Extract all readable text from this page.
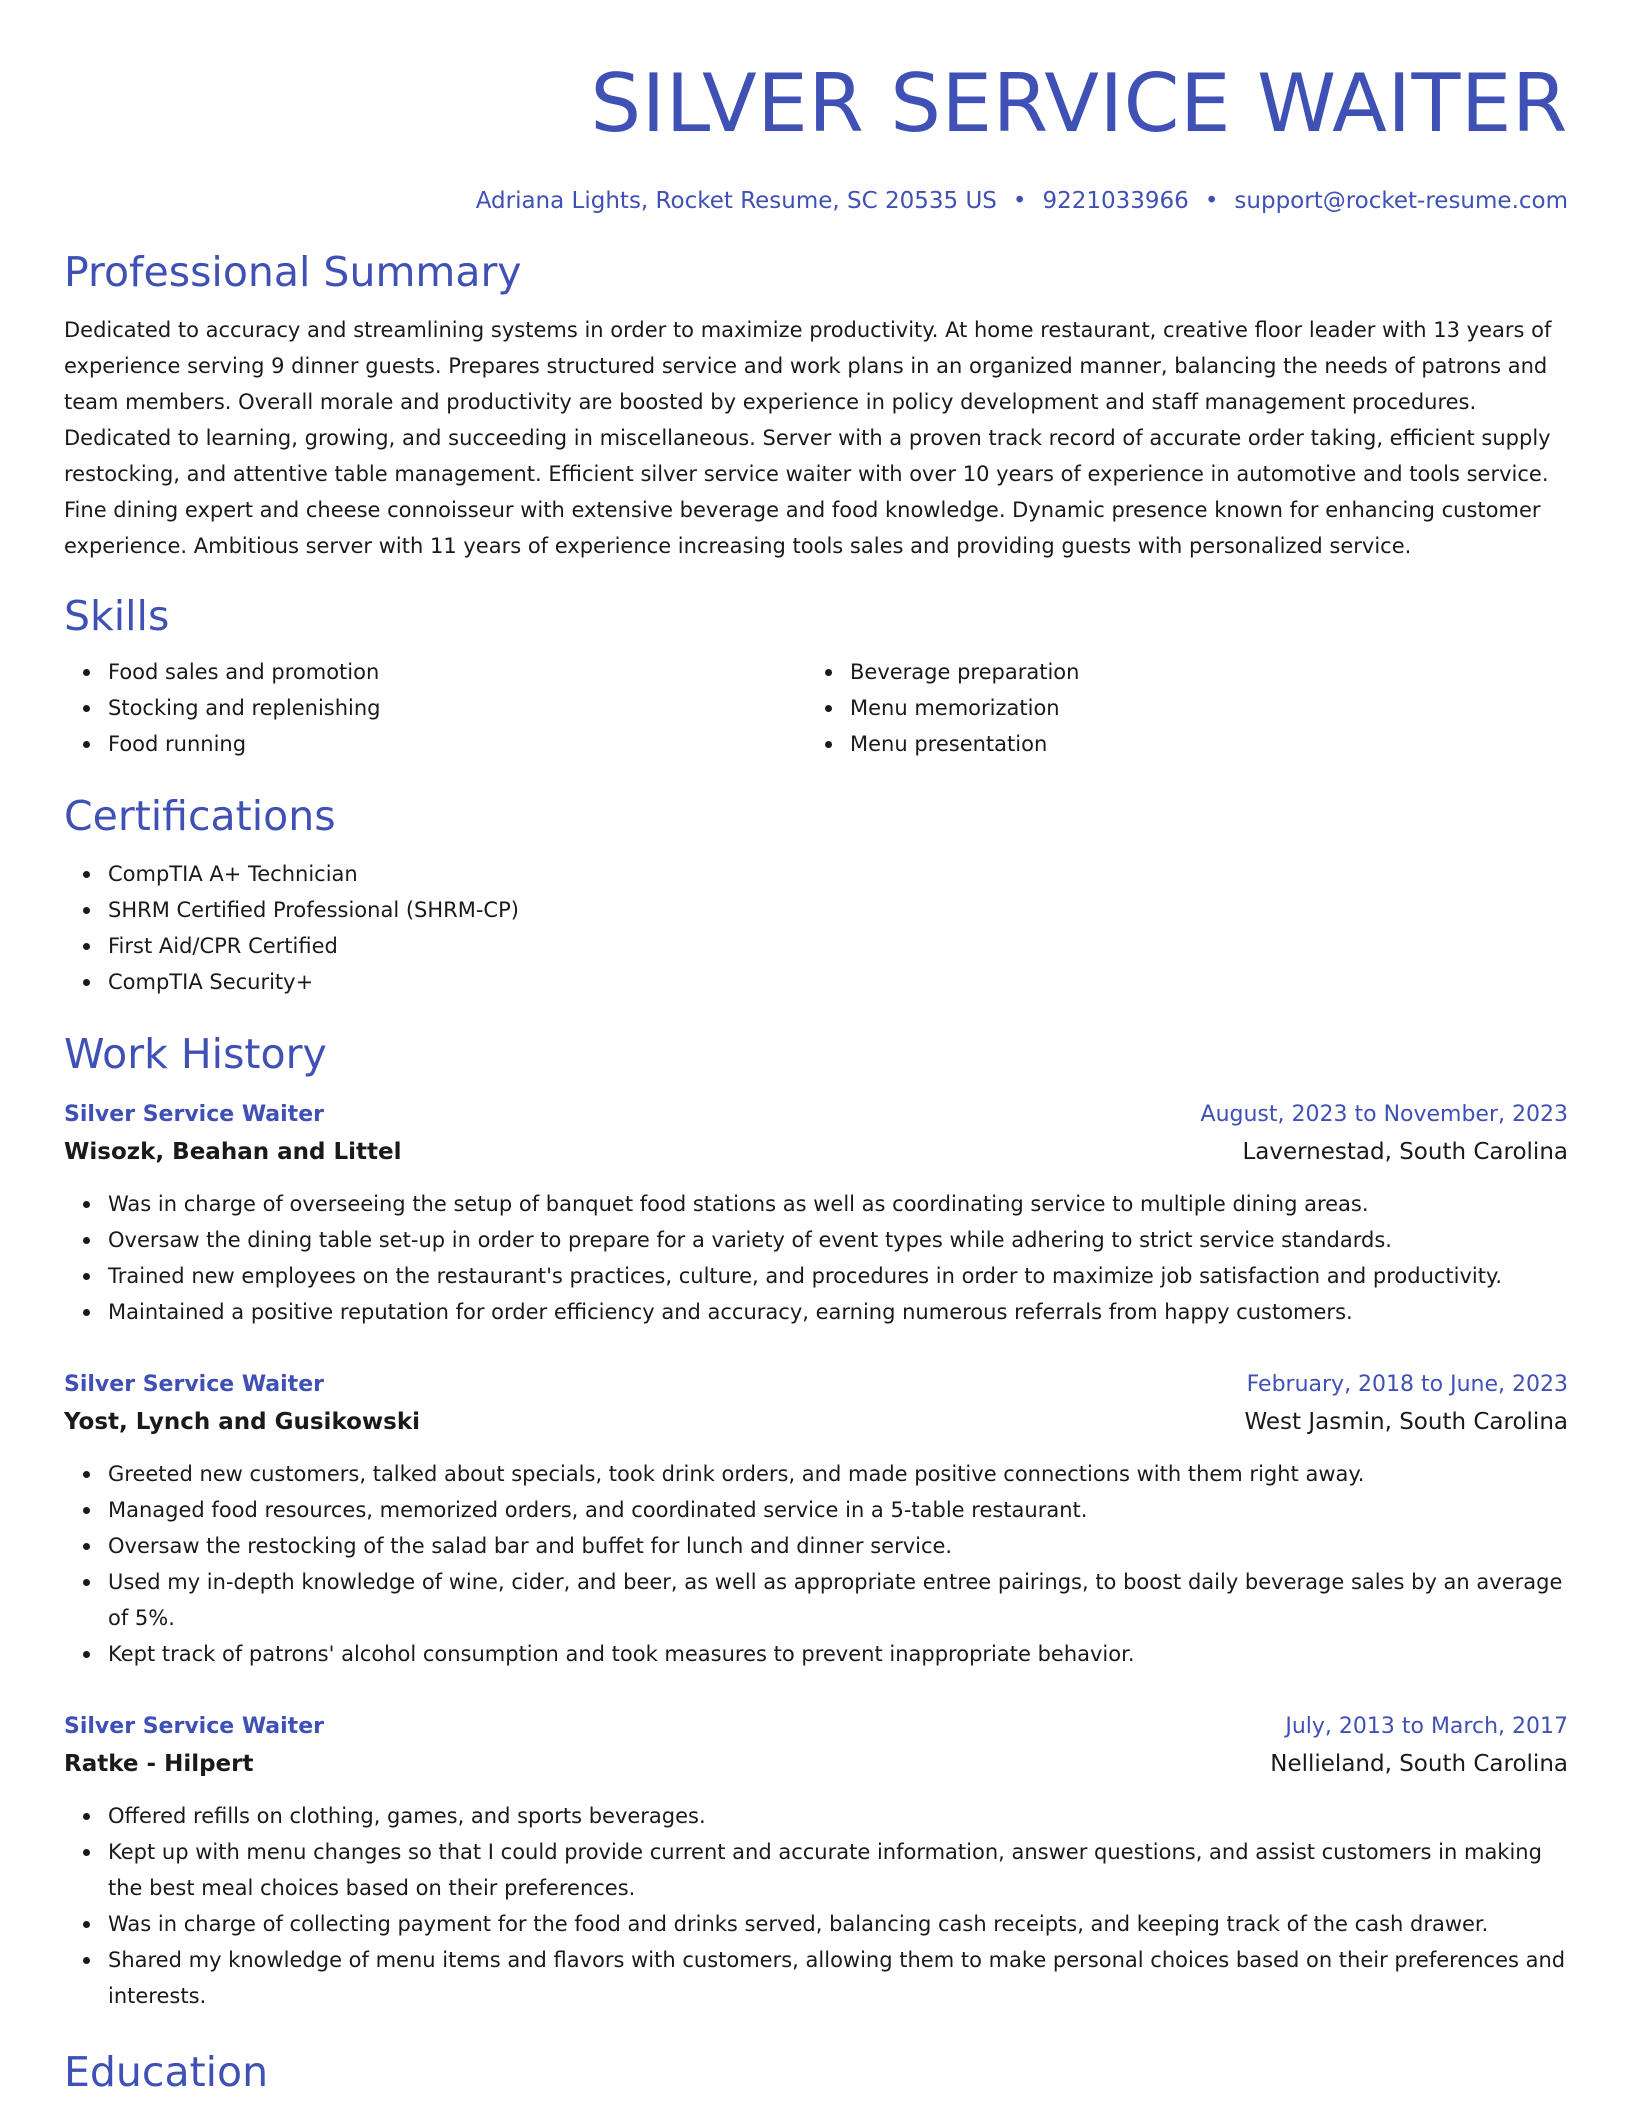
SILVER SERVICE WAITER
Adriana Lights, Rocket Resume, SC 20535 US • 9221033966 • support@rocket-resume.com
Professional Summary

Dedicated to accuracy and streamlining systems in order to maximize productivity. At home restaurant, creative floor leader with 13 years of experience serving 9 dinner guests. Prepares structured service and work plans in an organized manner, balancing the needs of patrons and team members. Overall morale and productivity are boosted by experience in policy development and staff management procedures. Dedicated to learning, growing, and succeeding in miscellaneous. Server with a proven track record of accurate order taking, efficient supply restocking, and attentive table management. Efficient silver service waiter with over 10 years of experience in automotive and tools service. Fine dining expert and cheese connoisseur with extensive beverage and food knowledge. Dynamic presence known for enhancing customer experience. Ambitious server with 11 years of experience increasing tools sales and providing guests with personalized service.

Skills
Food sales and promotion
Stocking and replenishing
Food running
Beverage preparation
Menu memorization
Menu presentation
Certifications
CompTIA A+ Technician
SHRM Certified Professional (SHRM-CP)
First Aid/CPR Certified
CompTIA Security+
Work History
Silver Service Waiter	August, 2023 to November, 2023
Wisozk, Beahan and Littel	Lavernestad, South Carolina
Was in charge of overseeing the setup of banquet food stations as well as coordinating service to multiple dining areas.
Oversaw the dining table set-up in order to prepare for a variety of event types while adhering to strict service standards.
Trained new employees on the restaurant's practices, culture, and procedures in order to maximize job satisfaction and productivity.
Maintained a positive reputation for order efficiency and accuracy, earning numerous referrals from happy customers.
Silver Service Waiter	February, 2018 to June, 2023
Yost, Lynch and Gusikowski	West Jasmin, South Carolina
Greeted new customers, talked about specials, took drink orders, and made positive connections with them right away.
Managed food resources, memorized orders, and coordinated service in a 5-table restaurant.
Oversaw the restocking of the salad bar and buffet for lunch and dinner service.
Used my in-depth knowledge of wine, cider, and beer, as well as appropriate entree pairings, to boost daily beverage sales by an average of 5%.
Kept track of patrons' alcohol consumption and took measures to prevent inappropriate behavior.
Silver Service Waiter	July, 2013 to March, 2017
Ratke - Hilpert	Nellieland, South Carolina
Offered refills on clothing, games, and sports beverages.
Kept up with menu changes so that I could provide current and accurate information, answer questions, and assist customers in making the best meal choices based on their preferences.
Was in charge of collecting payment for the food and drinks served, balancing cash receipts, and keeping track of the cash drawer.
Shared my knowledge of menu items and flavors with customers, allowing them to make personal choices based on their preferences and interests.
Education
